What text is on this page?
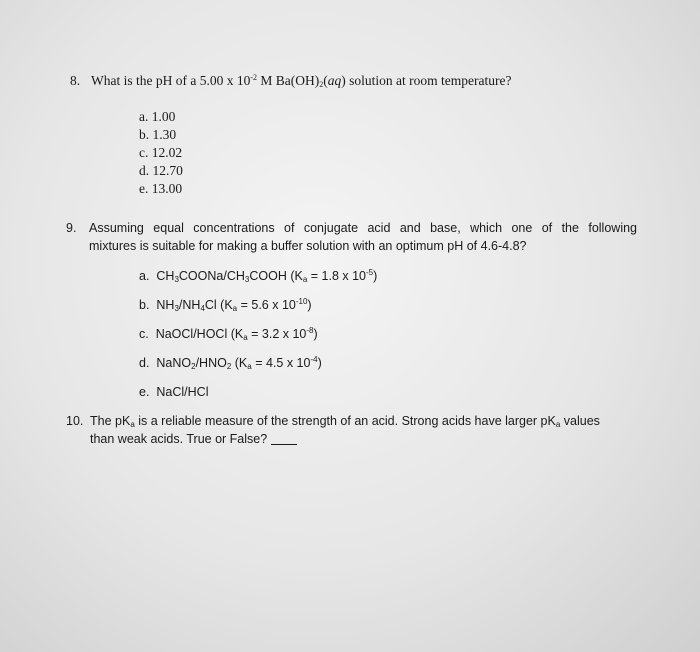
8. What is the pH of a 5.00 x $10^{-2}$ M $Ba(OH)_2(aq)$ solution at room temperature?
a. 1.00
b. 1.30
c. 12.02
d. 12.70
e. 13.00
9. Assuming equal concentrations of conjugate acid and base, which one of the following
mixtures is suitable for making a buffer solution with an optimum pH of 4.6-4.8?
a. $CH_3COONa/CH_3COOH$ ($K_a = 1.8$ x $10^{-5}$)
b. $NH_3/NH_4Cl$ ($K_a = 5.6$ x $10^{-10}$)
c. NaOCl/HOCl ($K_a = 3.2$ x $10^{-8}$)
d. $NaNO_2/HNO_2$ ($K_a = 4.5$ x $10^{-4}$)
e. NaCl/HCl
10. The $pK_a$ is a reliable measure of the strength of an acid. Strong acids have larger $pK_a$ values
than weak acids. True or False?
